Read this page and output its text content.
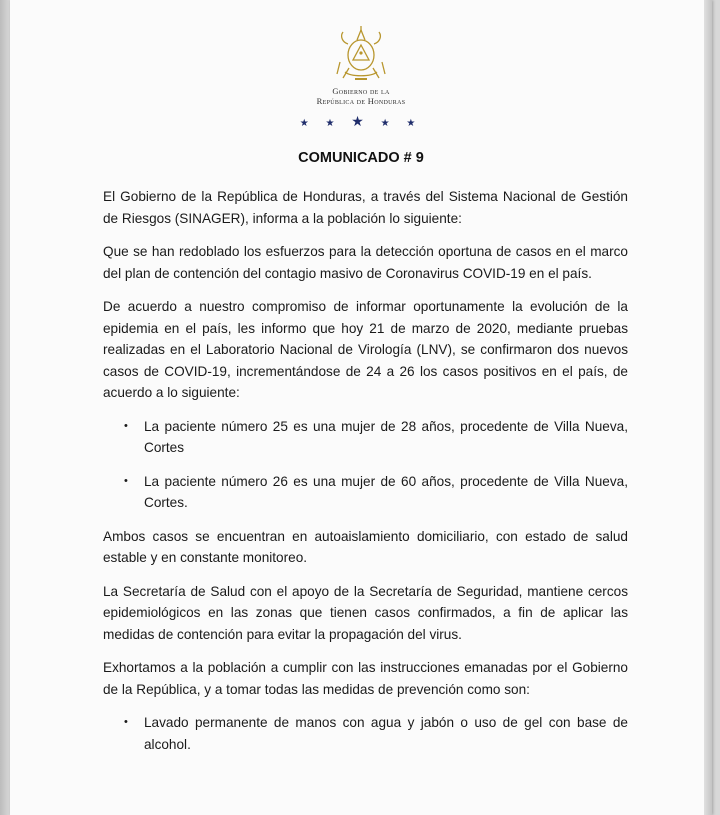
Gobierno de la
República de Honduras
★ ★ ★ ★ ★
COMUNICADO # 9

El Gobierno de la República de Honduras, a través del Sistema Nacional de Gestión de Riesgos (SINAGER), informa a la población lo siguiente:

Que se han redoblado los esfuerzos para la detección oportuna de casos en el marco del plan de contención del contagio masivo de Coronavirus COVID-19 en el país.

De acuerdo a nuestro compromiso de informar oportunamente la evolución de la epidemia en el país, les informo que hoy 21 de marzo de 2020, mediante pruebas realizadas en el Laboratorio Nacional de Virología (LNV), se confirmaron dos nuevos casos de COVID-19, incrementándose de 24 a 26 los casos positivos en el país, de acuerdo a lo siguiente:

• La paciente número 25 es una mujer de 28 años, procedente de Villa Nueva, Cortes
• La paciente número 26 es una mujer de 60 años, procedente de Villa Nueva, Cortes.

Ambos casos se encuentran en autoaislamiento domiciliario, con estado de salud estable y en constante monitoreo.

La Secretaría de Salud con el apoyo de la Secretaría de Seguridad, mantiene cercos epidemiológicos en las zonas que tienen casos confirmados, a fin de aplicar las medidas de contención para evitar la propagación del virus.

Exhortamos a la población a cumplir con las instrucciones emanadas por el Gobierno de la República, y a tomar todas las medidas de prevención como son:

• Lavado permanente de manos con agua y jabón o uso de gel con base de alcohol.
